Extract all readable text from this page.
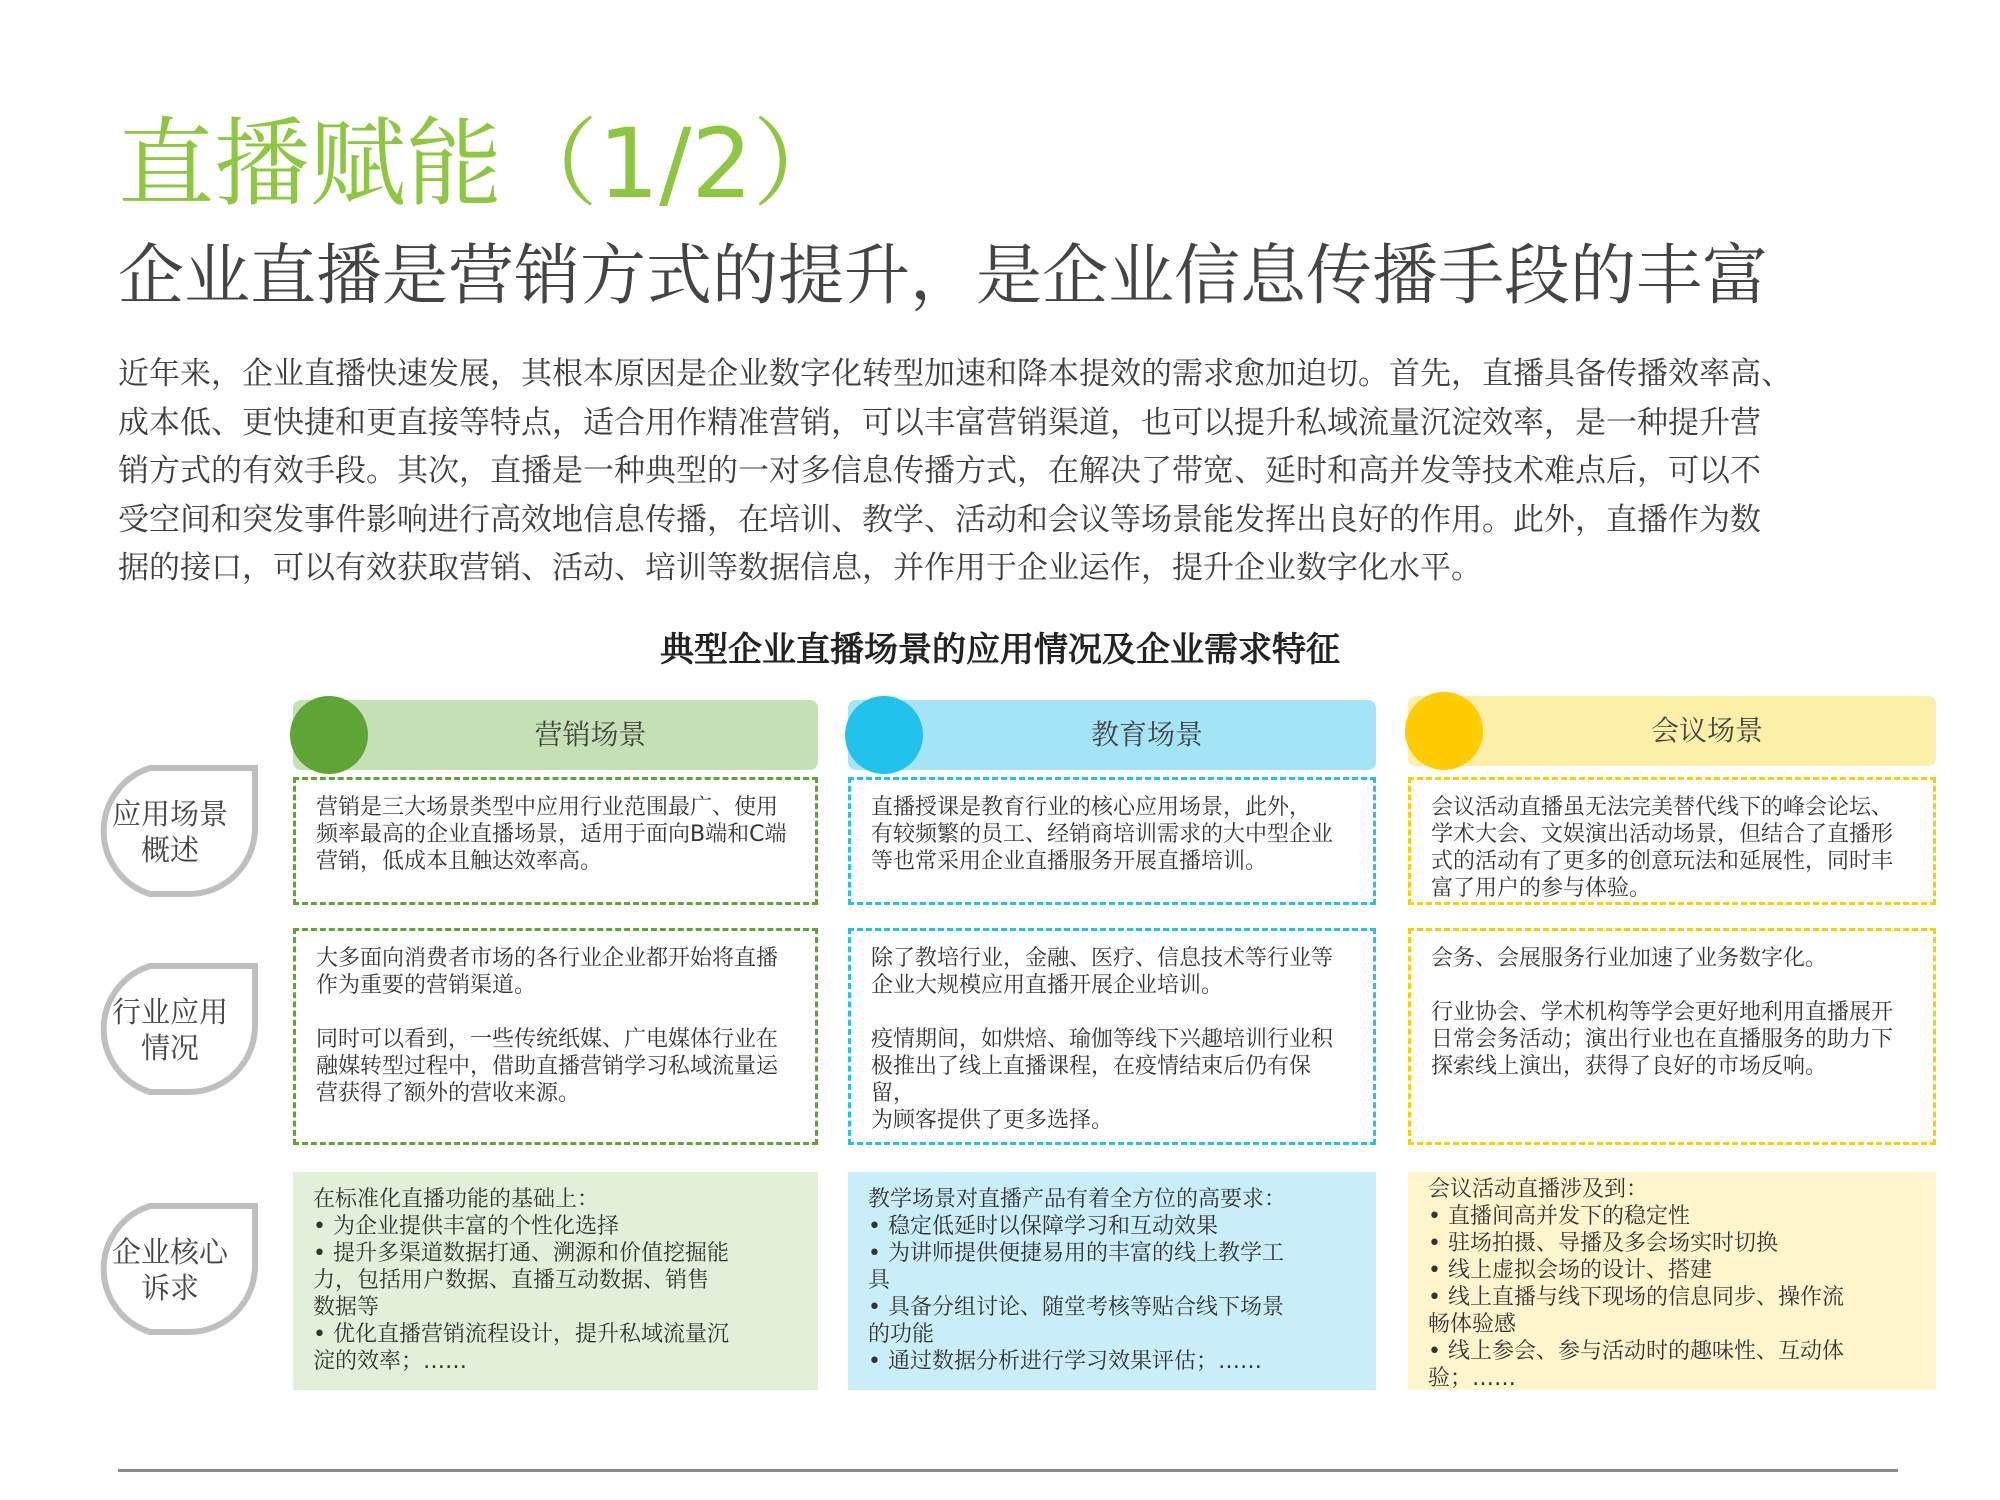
直播赋能（1/2）
企业直播是营销方式的提升，是企业信息传播手段的丰富
近年来，企业直播快速发展，其根本原因是企业数字化转型加速和降本提效的需求愈加迫切。首先，直播具备传播效率高、
成本低、更快捷和更直接等特点，适合用作精准营销，可以丰富营销渠道，也可以提升私域流量沉淀效率，是一种提升营
销方式的有效手段。其次，直播是一种典型的一对多信息传播方式，在解决了带宽、延时和高并发等技术难点后，可以不
受空间和突发事件影响进行高效地信息传播，在培训、教学、活动和会议等场景能发挥出良好的作用。此外，直播作为数
据的接口，可以有效获取营销、活动、培训等数据信息，并作用于企业运作，提升企业数字化水平。
典型企业直播场景的应用情况及企业需求特征
应用场景概述
行业应用情况
企业核心诉求
营销场景

营销是三大场景类型中应用行业范围最广、使用

频率最高的企业直播场景，适用于面向B端和C端

营销，低成本且触达效率高。

大多面向消费者市场的各行业企业都开始将直播

作为重要的营销渠道。

同时可以看到，一些传统纸媒、广电媒体行业在

融媒转型过程中，借助直播营销学习私域流量运

营获得了额外的营收来源。

在标准化直播功能的基础上：

• 为企业提供丰富的个性化选择

• 提升多渠道数据打通、溯源和价值挖掘能

力，包括用户数据、直播互动数据、销售

数据等

• 优化直播营销流程设计，提升私域流量沉

淀的效率；……

教育场景

直播授课是教育行业的核心应用场景，此外，

有较频繁的员工、经销商培训需求的大中型企业

等也常采用企业直播服务开展直播培训。

除了教培行业，金融、医疗、信息技术等行业等

企业大规模应用直播开展企业培训。

疫情期间，如烘焙、瑜伽等线下兴趣培训行业积

极推出了线上直播课程，在疫情结束后仍有保留，

为顾客提供了更多选择。

教学场景对直播产品有着全方位的高要求：

• 稳定低延时以保障学习和互动效果

• 为讲师提供便捷易用的丰富的线上教学工

具

• 具备分组讨论、随堂考核等贴合线下场景

的功能

• 通过数据分析进行学习效果评估；……

会议场景

会议活动直播虽无法完美替代线下的峰会论坛、

学术大会、文娱演出活动场景，但结合了直播形

式的活动有了更多的创意玩法和延展性，同时丰

富了用户的参与体验。

会务、会展服务行业加速了业务数字化。

行业协会、学术机构等学会更好地利用直播展开

日常会务活动；演出行业也在直播服务的助力下

探索线上演出，获得了良好的市场反响。

会议活动直播涉及到：

• 直播间高并发下的稳定性

• 驻场拍摄、导播及多会场实时切换

• 线上虚拟会场的设计、搭建

• 线上直播与线下现场的信息同步、操作流

畅体验感

• 线上参会、参与活动时的趣味性、互动体

验；……
